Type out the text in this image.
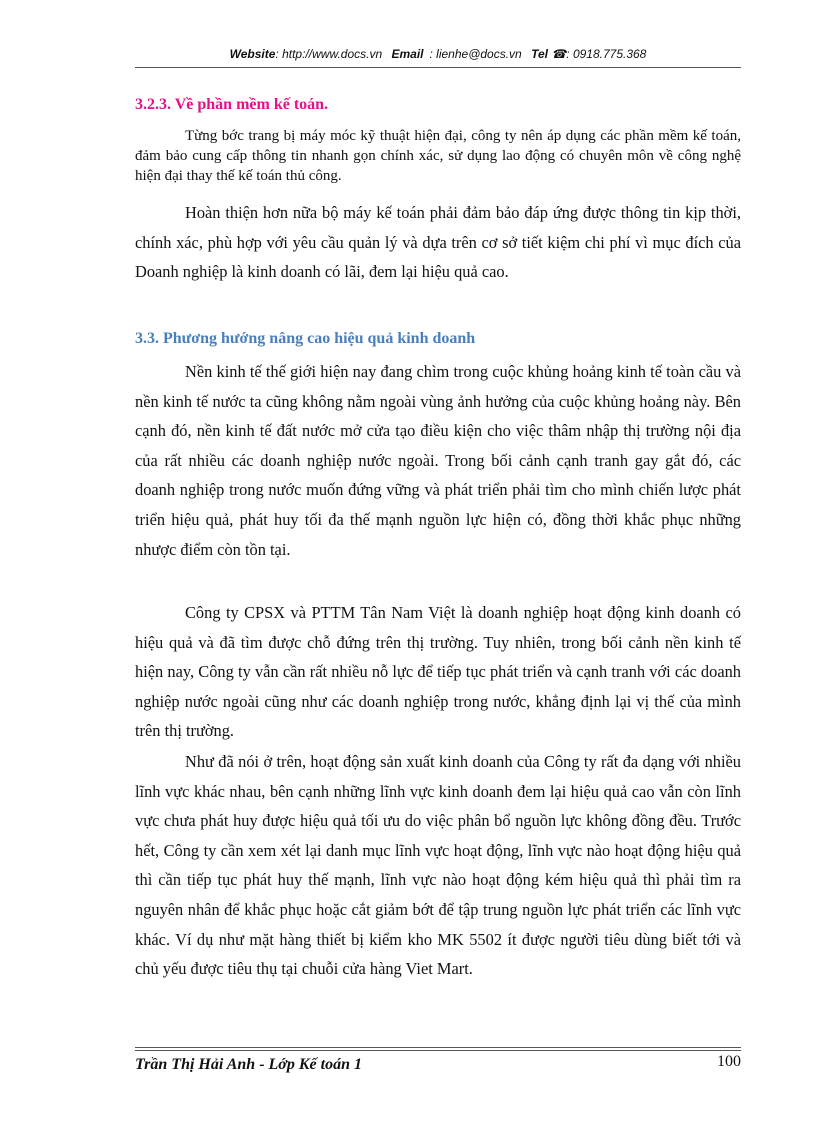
Website: http://www.docs.vn Email : lienhe@docs.vn Tel ☎: 0918.775.368
3.2.3. Về phần mềm kế toán.
Từng bớc trang bị máy móc kỹ thuật hiện đại, công ty nên áp dụng các phần mềm kế toán, đảm bảo cung cấp thông tin nhanh gọn chính xác, sử dụng lao động có chuyên môn về công nghệ hiện đại thay thế kế toán thủ công.
Hoàn thiện hơn nữa bộ máy kế toán phải đảm bảo đáp ứng được thông tin kịp thời, chính xác, phù hợp với yêu cầu quản lý và dựa trên cơ sở tiết kiệm chi phí vì mục đích của Doanh nghiệp là kinh doanh có lãi, đem lại hiệu quả cao.
3.3. Phương hướng nâng cao hiệu quả kinh doanh
Nền kinh tế thế giới hiện nay đang chìm trong cuộc khủng hoảng kinh tế toàn cầu và nền kinh tế nước ta cũng không nằm ngoài vùng ảnh hưởng của cuộc khủng hoảng này. Bên cạnh đó, nền kinh tế đất nước mở cửa tạo điều kiện cho việc thâm nhập thị trường nội địa của rất nhiều các doanh nghiệp nước ngoài. Trong bối cảnh cạnh tranh gay gắt đó, các doanh nghiệp trong nước muốn đứng vững và phát triển phải tìm cho mình chiến lược phát triển hiệu quả, phát huy tối đa thế mạnh nguồn lực hiện có, đồng thời khắc phục những nhược điểm còn tồn tại.
Công ty CPSX và PTTM Tân Nam Việt là doanh nghiệp hoạt động kinh doanh có hiệu quả và đã tìm được chỗ đứng trên thị trường. Tuy nhiên, trong bối cảnh nền kinh tế hiện nay, Công ty vẫn cần rất nhiều nỗ lực để tiếp tục phát triển và cạnh tranh với các doanh nghiệp nước ngoài cũng như các doanh nghiệp trong nước, khẳng định lại vị thế của mình trên thị trường.
Như đã nói ở trên, hoạt động sản xuất kinh doanh của Công ty rất đa dạng với nhiều lĩnh vực khác nhau, bên cạnh những lĩnh vực kinh doanh đem lại hiệu quả cao vẫn còn lĩnh vực chưa phát huy được hiệu quả tối ưu do việc phân bổ nguồn lực không đồng đều. Trước hết, Công ty cần xem xét lại danh mục lĩnh vực hoạt động, lĩnh vực nào hoạt động hiệu quả thì cần tiếp tục phát huy thế mạnh, lĩnh vực nào hoạt động kém hiệu quả thì phải tìm ra nguyên nhân để khắc phục hoặc cắt giảm bớt để tập trung nguồn lực phát triển các lĩnh vực khác. Ví dụ như mặt hàng thiết bị kiểm kho MK 5502 ít được người tiêu dùng biết tới và chủ yếu được tiêu thụ tại chuỗi cửa hàng Viet Mart.
Trần Thị Hải Anh - Lớp Kế toán 1	100
